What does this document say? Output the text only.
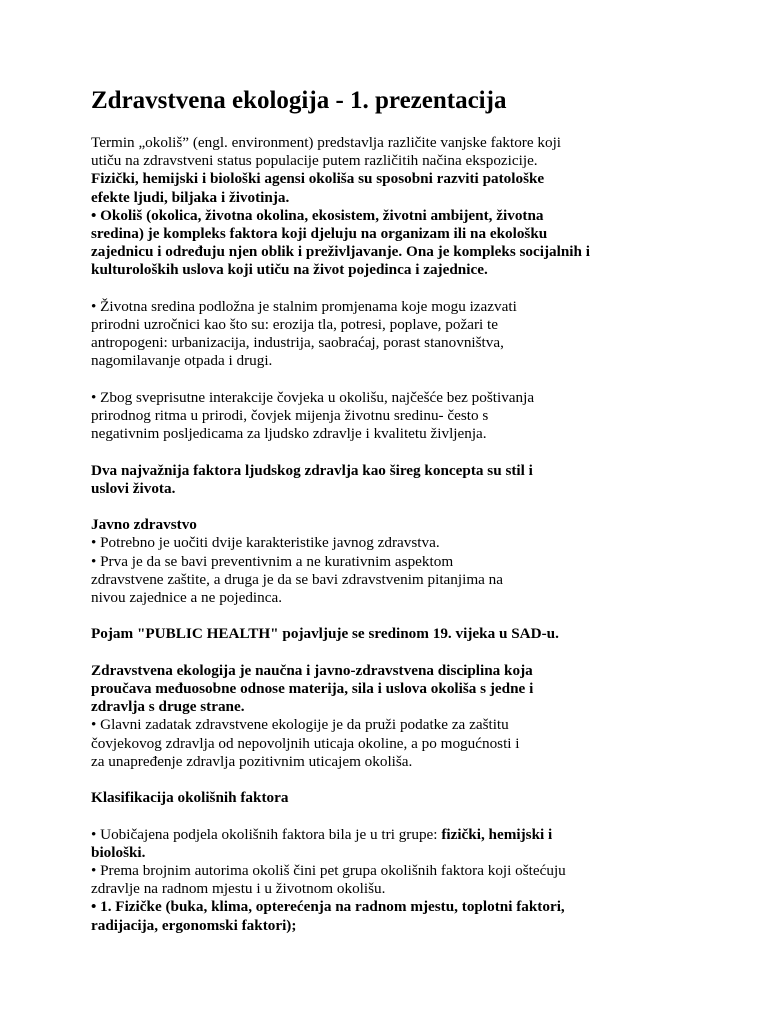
Zdravstvena ekologija - 1. prezentacija
Termin „okoliš” (engl. environment) predstavlja različite vanjske faktore koji
utiču na zdravstveni status populacije putem različitih načina ekspozicije.
Fizički, hemijski i biološki agensi okoliša su sposobni razviti patološke
efekte ljudi, biljaka i životinja.
• Okoliš (okolica, životna okolina, ekosistem, životni ambijent, životna
sredina) je kompleks faktora koji djeluju na organizam ili na ekološku
zajednicu i određuju njen oblik i preživljavanje. Ona je kompleks socijalnih i
kulturoloških uslova koji utiču na život pojedinca i zajednice.
• Životna sredina podložna je stalnim promjenama koje mogu izazvati
prirodni uzročnici kao što su: erozija tla, potresi, poplave, požari te
antropogeni: urbanizacija, industrija, saobraćaj, porast stanovništva,
nagomilavanje otpada i drugi.
• Zbog sveprisutne interakcije čovjeka u okolišu, najčešće bez poštivanja
prirodnog ritma u prirodi, čovjek mijenja životnu sredinu- često s
negativnim posljedicama za ljudsko zdravlje i kvalitetu življenja.
Dva najvažnija faktora ljudskog zdravlja kao šireg koncepta su stil i
uslovi života.
Javno zdravstvo
• Potrebno je uočiti dvije karakteristike javnog zdravstva.
• Prva je da se bavi preventivnim a ne kurativnim aspektom
zdravstvene zaštite, a druga je da se bavi zdravstvenim pitanjima na
nivou zajednice a ne pojedinca.
Pojam "PUBLIC HEALTH" pojavljuje se sredinom 19. vijeka u SAD-u.
Zdravstvena ekologija je naučna i javno-zdravstvena disciplina koja
proučava međuosobne odnose materija, sila i uslova okoliša s jedne i
zdravlja s druge strane.
• Glavni zadatak zdravstvene ekologije je da pruži podatke za zaštitu
čovjekovog zdravlja od nepovoljnih uticaja okoline, a po mogućnosti i
za unapređenje zdravlja pozitivnim uticajem okoliša.
Klasifikacija okolišnih faktora
• Uobičajena podjela okolišnih faktora bila je u tri grupe: fizički, hemijski i
biološki.
• Prema brojnim autorima okoliš čini pet grupa okolišnih faktora koji oštećuju
zdravlje na radnom mjestu i u životnom okolišu.
• 1. Fizičke (buka, klima, opterećenja na radnom mjestu, toplotni faktori,
radijacija, ergonomski faktori);
